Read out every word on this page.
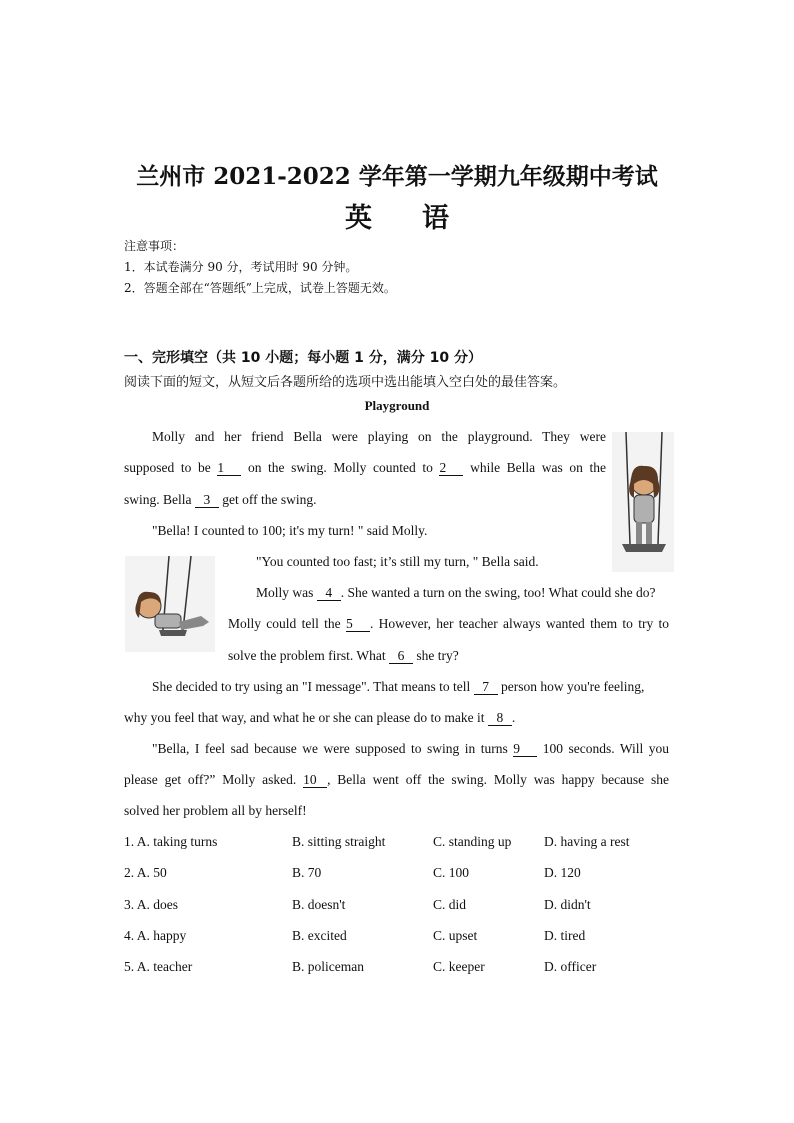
兰州市 2021-2022 学年第一学期九年级期中考试
英 语
注意事项：
1．本试卷满分 90 分，考试用时 90 分钟。
2．答题全部在“答题纸”上完成，试卷上答题无效。
一、完形填空（共 10 小题；每小题 1 分，满分 10 分）
阅读下面的短文，从短文后各题所给的选项中选出能填入空白处的最佳答案。
Playground
Molly and her friend Bella were playing on the playground. They were
supposed to be 1 on the swing. Molly counted to 2 while Bella was on the
swing. Bella 3 get off the swing.
"Bella! I counted to 100; it's my turn! " said Molly.
"You counted too fast; it’s still my turn, " Bella said.
Molly was 4 . She wanted a turn on the swing, too! What could she do?
Molly could tell the 5 . However, her teacher always wanted them to try to
solve the problem first. What 6 she try?
She decided to try using an "I message". That means to tell 7 person how you're feeling,
why you feel that way, and what he or she can please do to make it 8 .
"Bella, I feel sad because we were supposed to swing in turns 9 100 seconds. Will you
please get off?” Molly asked. 10 , Bella went off the swing. Molly was happy because she
solved her problem all by herself!
1. A. taking turns	B. sitting straight	C. standing up D. having a rest
2. A. 50	B. 70	C. 100	D. 120
3. A. does	B. doesn't	C. did	D. didn't
4. A. happy	B. excited	C. upset	D. tired
5. A. teacher	B. policeman	C. keeper	D. officer
